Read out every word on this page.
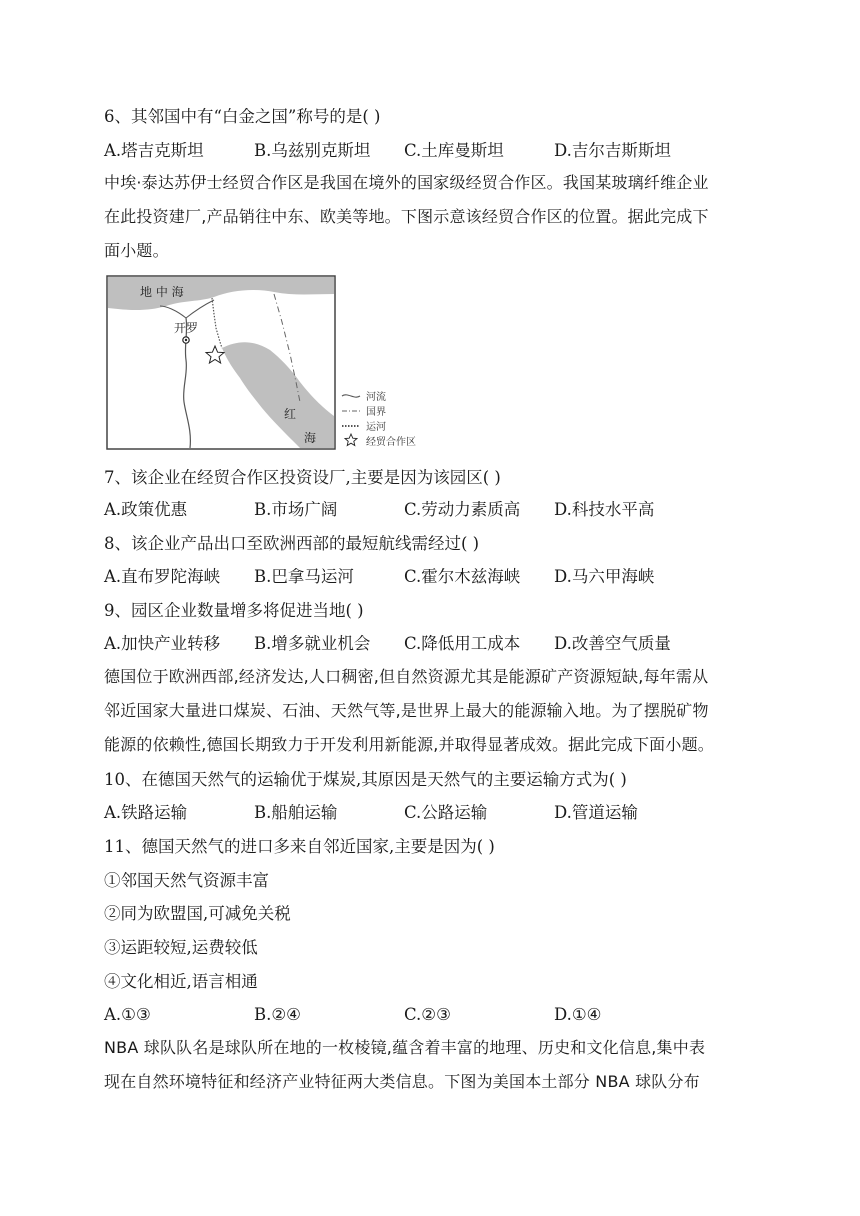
6、其邻国中有“白金之国”称号的是( )
A.塔吉克斯坦	B.乌兹别克斯坦 C.土库曼斯坦	D.吉尔吉斯斯坦
中埃·泰达苏伊士经贸合作区是我国在境外的国家级经贸合作区。我国某玻璃纤维企业
在此投资建厂,产品销往中东、欧美等地。下图示意该经贸合作区的位置。据此完成下
面小题。
地 中 海
开罗
红
海
河流
国界
运河
经贸合作区
7、该企业在经贸合作区投资设厂,主要是因为该园区( )
A.政策优惠	B.市场广阔	C.劳动力素质高 D.科技水平高
8、该企业产品出口至欧洲西部的最短航线需经过( )
A.直布罗陀海峡 B.巴拿马运河	C.霍尔木兹海峡 D.马六甲海峡
9、园区企业数量增多将促进当地( )
A.加快产业转移 B.增多就业机会 C.降低用工成本 D.改善空气质量
德国位于欧洲西部,经济发达,人口稠密,但自然资源尤其是能源矿产资源短缺,每年需从
邻近国家大量进口煤炭、石油、天然气等,是世界上最大的能源输入地。为了摆脱矿物
能源的依赖性,德国长期致力于开发利用新能源,并取得显著成效。据此完成下面小题。
10、在德国天然气的运输优于煤炭,其原因是天然气的主要运输方式为( )
A.铁路运输	B.船舶运输	C.公路运输	D.管道运输
11、德国天然气的进口多来自邻近国家,主要是因为( )
①邻国天然气资源丰富
②同为欧盟国,可减免关税
③运距较短,运费较低
④文化相近,语言相通
A.①③	B.②④	C.②③	D.①④
NBA 球队队名是球队所在地的一枚棱镜,蕴含着丰富的地理、历史和文化信息,集中表
现在自然环境特征和经济产业特征两大类信息。下图为美国本土部分 NBA 球队分布
